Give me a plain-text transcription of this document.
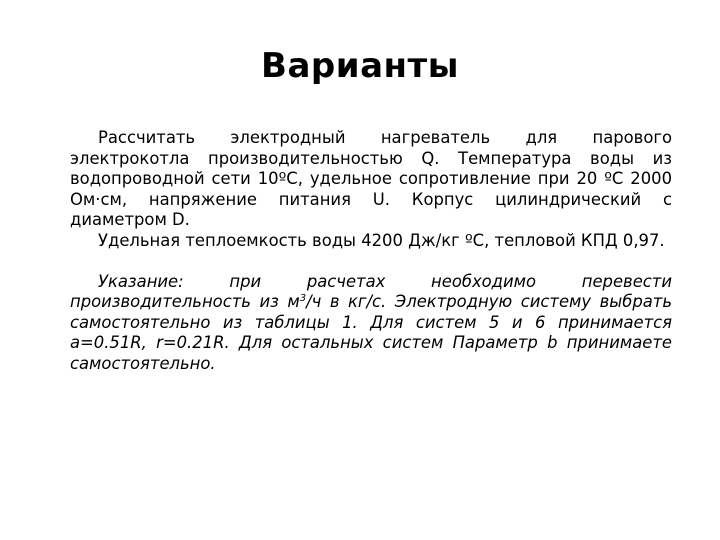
Варианты

Рассчитать электродный нагреватель для парового электрокотла производительностью Q. Температура воды из водопроводной сети 10ºС, удельное сопротивление при 20 ºС 2000 Ом·см, напряжение питания U. Корпус цилиндрический с диаметром D.

Удельная теплоемкость воды 4200 Дж/кг ºС, тепловой КПД 0,97.

Указание: при расчетах необходимо перевести производительность из $м^3/ч$ в кг/с. Электродную систему выбрать самостоятельно из таблицы 1. Для систем 5 и 6 принимается а=0.51R, r=0.21R. Для остальных систем Параметр b принимаете самостоятельно.
